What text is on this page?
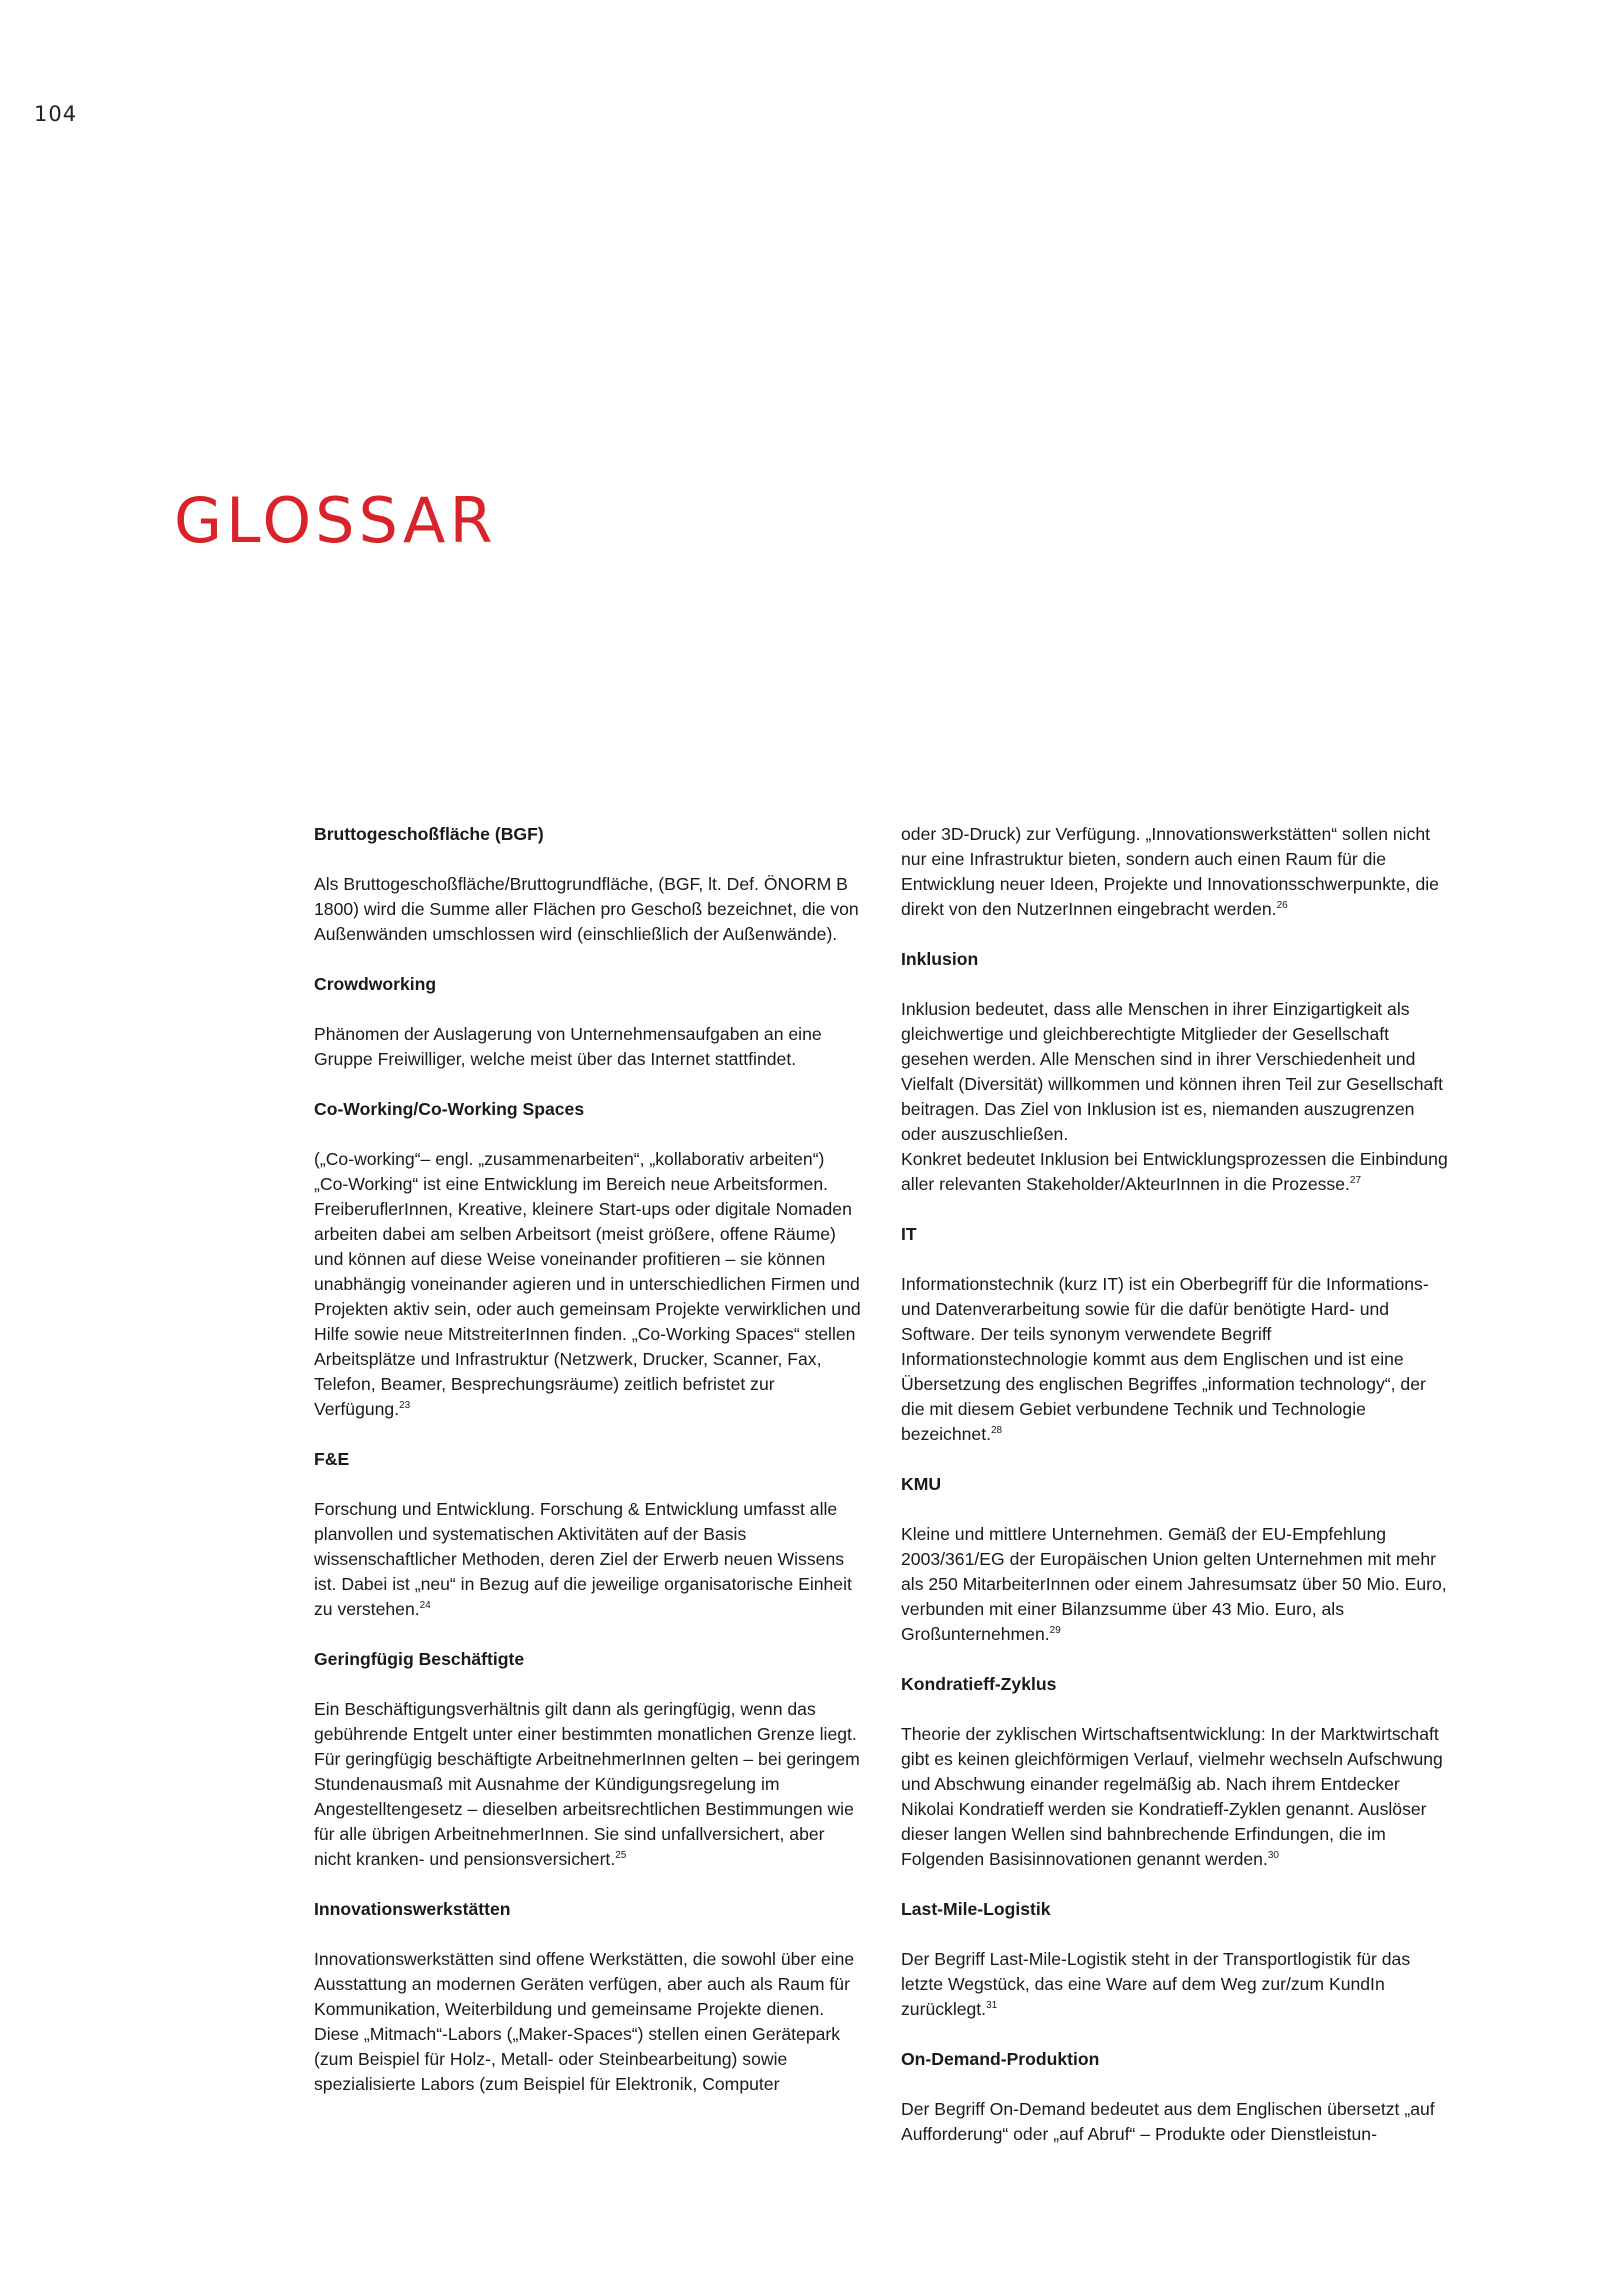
104
GLOSSAR
Bruttogeschoßfläche (BGF)
Als Bruttogeschoßfläche/Bruttogrundfläche, (BGF, lt. Def. ÖNORM B 1800) wird die Summe aller Flächen pro Geschoß bezeichnet, die von Außenwänden umschlossen wird (einschließlich der Außenwände).
Crowdworking
Phänomen der Auslagerung von Unternehmensaufgaben an eine Gruppe Freiwilliger, welche meist über das Internet stattfindet.
Co-Working/Co-Working Spaces
(„Co-working“– engl. „zusammenarbeiten“, „kollaborativ arbeiten“) „Co-Working“ ist eine Entwicklung im Bereich neue Arbeitsformen. FreiberuflerInnen, Kreative, kleinere Start-ups oder digitale Nomaden arbeiten dabei am selben Arbeitsort (meist größere, offene Räume) und können auf diese Weise voneinander profitieren – sie können unabhängig voneinander agieren und in unterschiedlichen Firmen und Projekten aktiv sein, oder auch gemeinsam Projekte verwirklichen und Hilfe sowie neue MitstreiterInnen finden. „Co-Working Spaces“ stellen Arbeitsplätze und Infrastruktur (Netzwerk, Drucker, Scanner, Fax, Telefon, Beamer, Besprechungsräume) zeitlich befristet zur Verfügung.$^{23}$
F&E
Forschung und Entwicklung. Forschung & Entwicklung umfasst alle planvollen und systematischen Aktivitäten auf der Basis wissenschaftlicher Methoden, deren Ziel der Erwerb neuen Wissens ist. Dabei ist „neu“ in Bezug auf die jeweilige organisatorische Einheit zu verstehen.$^{24}$
Geringfügig Beschäftigte
Ein Beschäftigungsverhältnis gilt dann als geringfügig, wenn das gebührende Entgelt unter einer bestimmten monatlichen Grenze liegt. Für geringfügig beschäftigte ArbeitnehmerInnen gelten – bei geringem Stundenausmaß mit Ausnahme der Kündigungsregelung im Angestelltengesetz – dieselben arbeitsrechtlichen Bestimmungen wie für alle übrigen ArbeitnehmerInnen. Sie sind unfallversichert, aber nicht kranken- und pensionsversichert.$^{25}$
Innovationswerkstätten
Innovationswerkstätten sind offene Werkstätten, die sowohl über eine Ausstattung an modernen Geräten verfügen, aber auch als Raum für Kommunikation, Weiterbildung und gemeinsame Projekte dienen. Diese „Mitmach“-Labors („Maker-Spaces“) stellen einen Gerätepark (zum Beispiel für Holz-, Metall- oder Steinbearbeitung) sowie spezialisierte Labors (zum Beispiel für Elektronik, Computer
oder 3D-Druck) zur Verfügung. „Innovationswerkstätten“ sollen nicht nur eine Infrastruktur bieten, sondern auch einen Raum für die Entwicklung neuer Ideen, Projekte und Innovationsschwerpunkte, die direkt von den NutzerInnen eingebracht werden.$^{26}$
Inklusion

Inklusion bedeutet, dass alle Menschen in ihrer Einzigartigkeit als gleichwertige und gleichberechtigte Mitglieder der Gesellschaft gesehen werden. Alle Menschen sind in ihrer Verschiedenheit und Vielfalt (Diversität) willkommen und können ihren Teil zur Gesellschaft beitragen. Das Ziel von Inklusion ist es, niemanden auszugrenzen oder auszuschließen.

Konkret bedeutet Inklusion bei Entwicklungsprozessen die Einbindung aller relevanten Stakeholder/AkteurInnen in die Prozesse.$^{27}$

IT
Informationstechnik (kurz IT) ist ein Oberbegriff für die Informations- und Datenverarbeitung sowie für die dafür benötigte Hard- und Software. Der teils synonym verwendete Begriff Informationstechnologie kommt aus dem Englischen und ist eine Übersetzung des englischen Begriffes „information technology“, der die mit diesem Gebiet verbundene Technik und Technologie bezeichnet.$^{28}$
KMU
Kleine und mittlere Unternehmen. Gemäß der EU-Empfehlung 2003/361/EG der Europäischen Union gelten Unternehmen mit mehr als 250 MitarbeiterInnen oder einem Jahresumsatz über 50 Mio. Euro, verbunden mit einer Bilanzsumme über 43 Mio. Euro, als Großunternehmen.$^{29}$
Kondratieff-Zyklus
Theorie der zyklischen Wirtschaftsentwicklung: In der Marktwirtschaft gibt es keinen gleichförmigen Verlauf, vielmehr wechseln Aufschwung und Abschwung einander regelmäßig ab. Nach ihrem Entdecker Nikolai Kondratieff werden sie Kondratieff-Zyklen genannt. Auslöser dieser langen Wellen sind bahnbrechende Erfindungen, die im Folgenden Basisinnovationen genannt werden.$^{30}$
Last-Mile-Logistik
Der Begriff Last-Mile-Logistik steht in der Transportlogistik für das letzte Wegstück, das eine Ware auf dem Weg zur/zum KundIn zurücklegt.$^{31}$
On-Demand-Produktion
Der Begriff On-Demand bedeutet aus dem Englischen übersetzt „auf Aufforderung“ oder „auf Abruf“ – Produkte oder Dienstleistun-
